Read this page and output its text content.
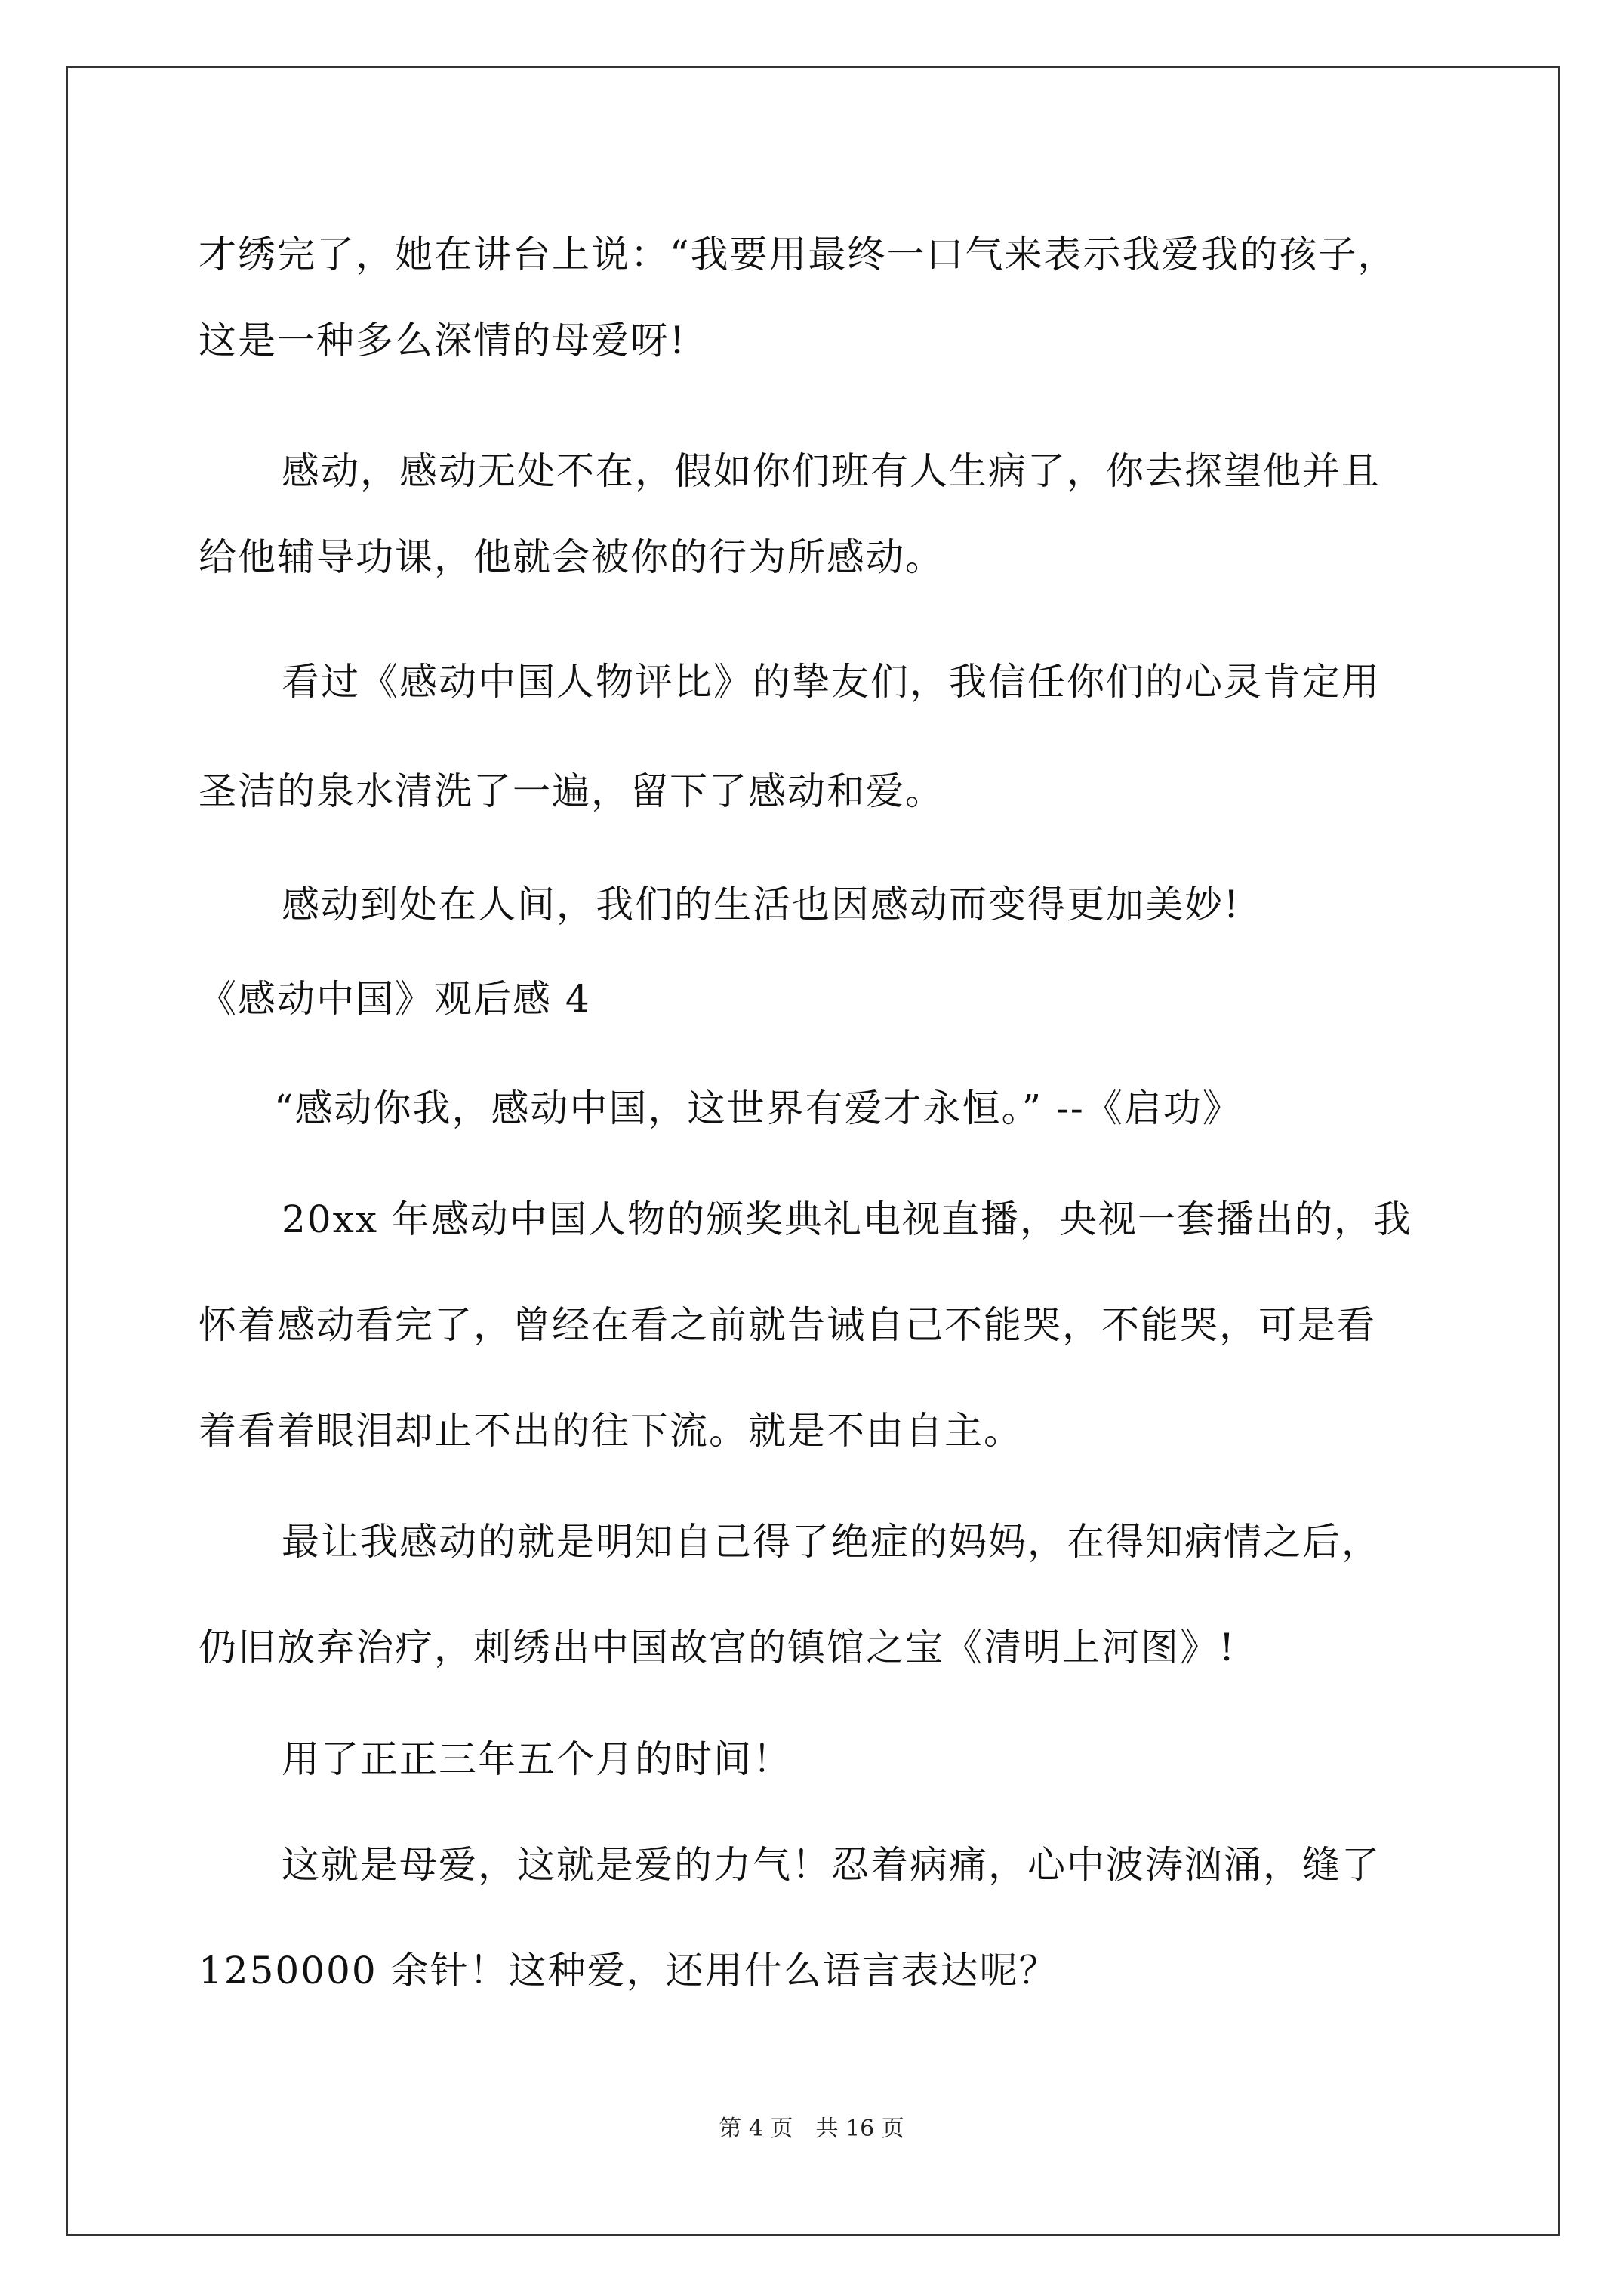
才绣完了，她在讲台上说：“我要用最终一口气来表示我爱我的孩子，
这是一种多么深情的母爱呀!
感动，感动无处不在，假如你们班有人生病了，你去探望他并且
给他辅导功课，他就会被你的行为所感动。
看过《感动中国人物评比》的挚友们，我信任你们的心灵肯定用
圣洁的泉水清洗了一遍，留下了感动和爱。
感动到处在人间，我们的生活也因感动而变得更加美妙!
《感动中国》观后感 4
“感动你我，感动中国，这世界有爱才永恒。” --《启功》
20xx 年感动中国人物的颁奖典礼电视直播，央视一套播出的，我
怀着感动看完了，曾经在看之前就告诫自己不能哭，不能哭，可是看
着看着眼泪却止不出的往下流。就是不由自主。
最让我感动的就是明知自己得了绝症的妈妈，在得知病情之后，
仍旧放弃治疗，刺绣出中国故宫的镇馆之宝《清明上河图》!
用了正正三年五个月的时间！
这就是母爱，这就是爱的力气！忍着病痛，心中波涛汹涌，缝了
1250000 余针！这种爱，还用什么语言表达呢？
第 4 页　共 16 页
